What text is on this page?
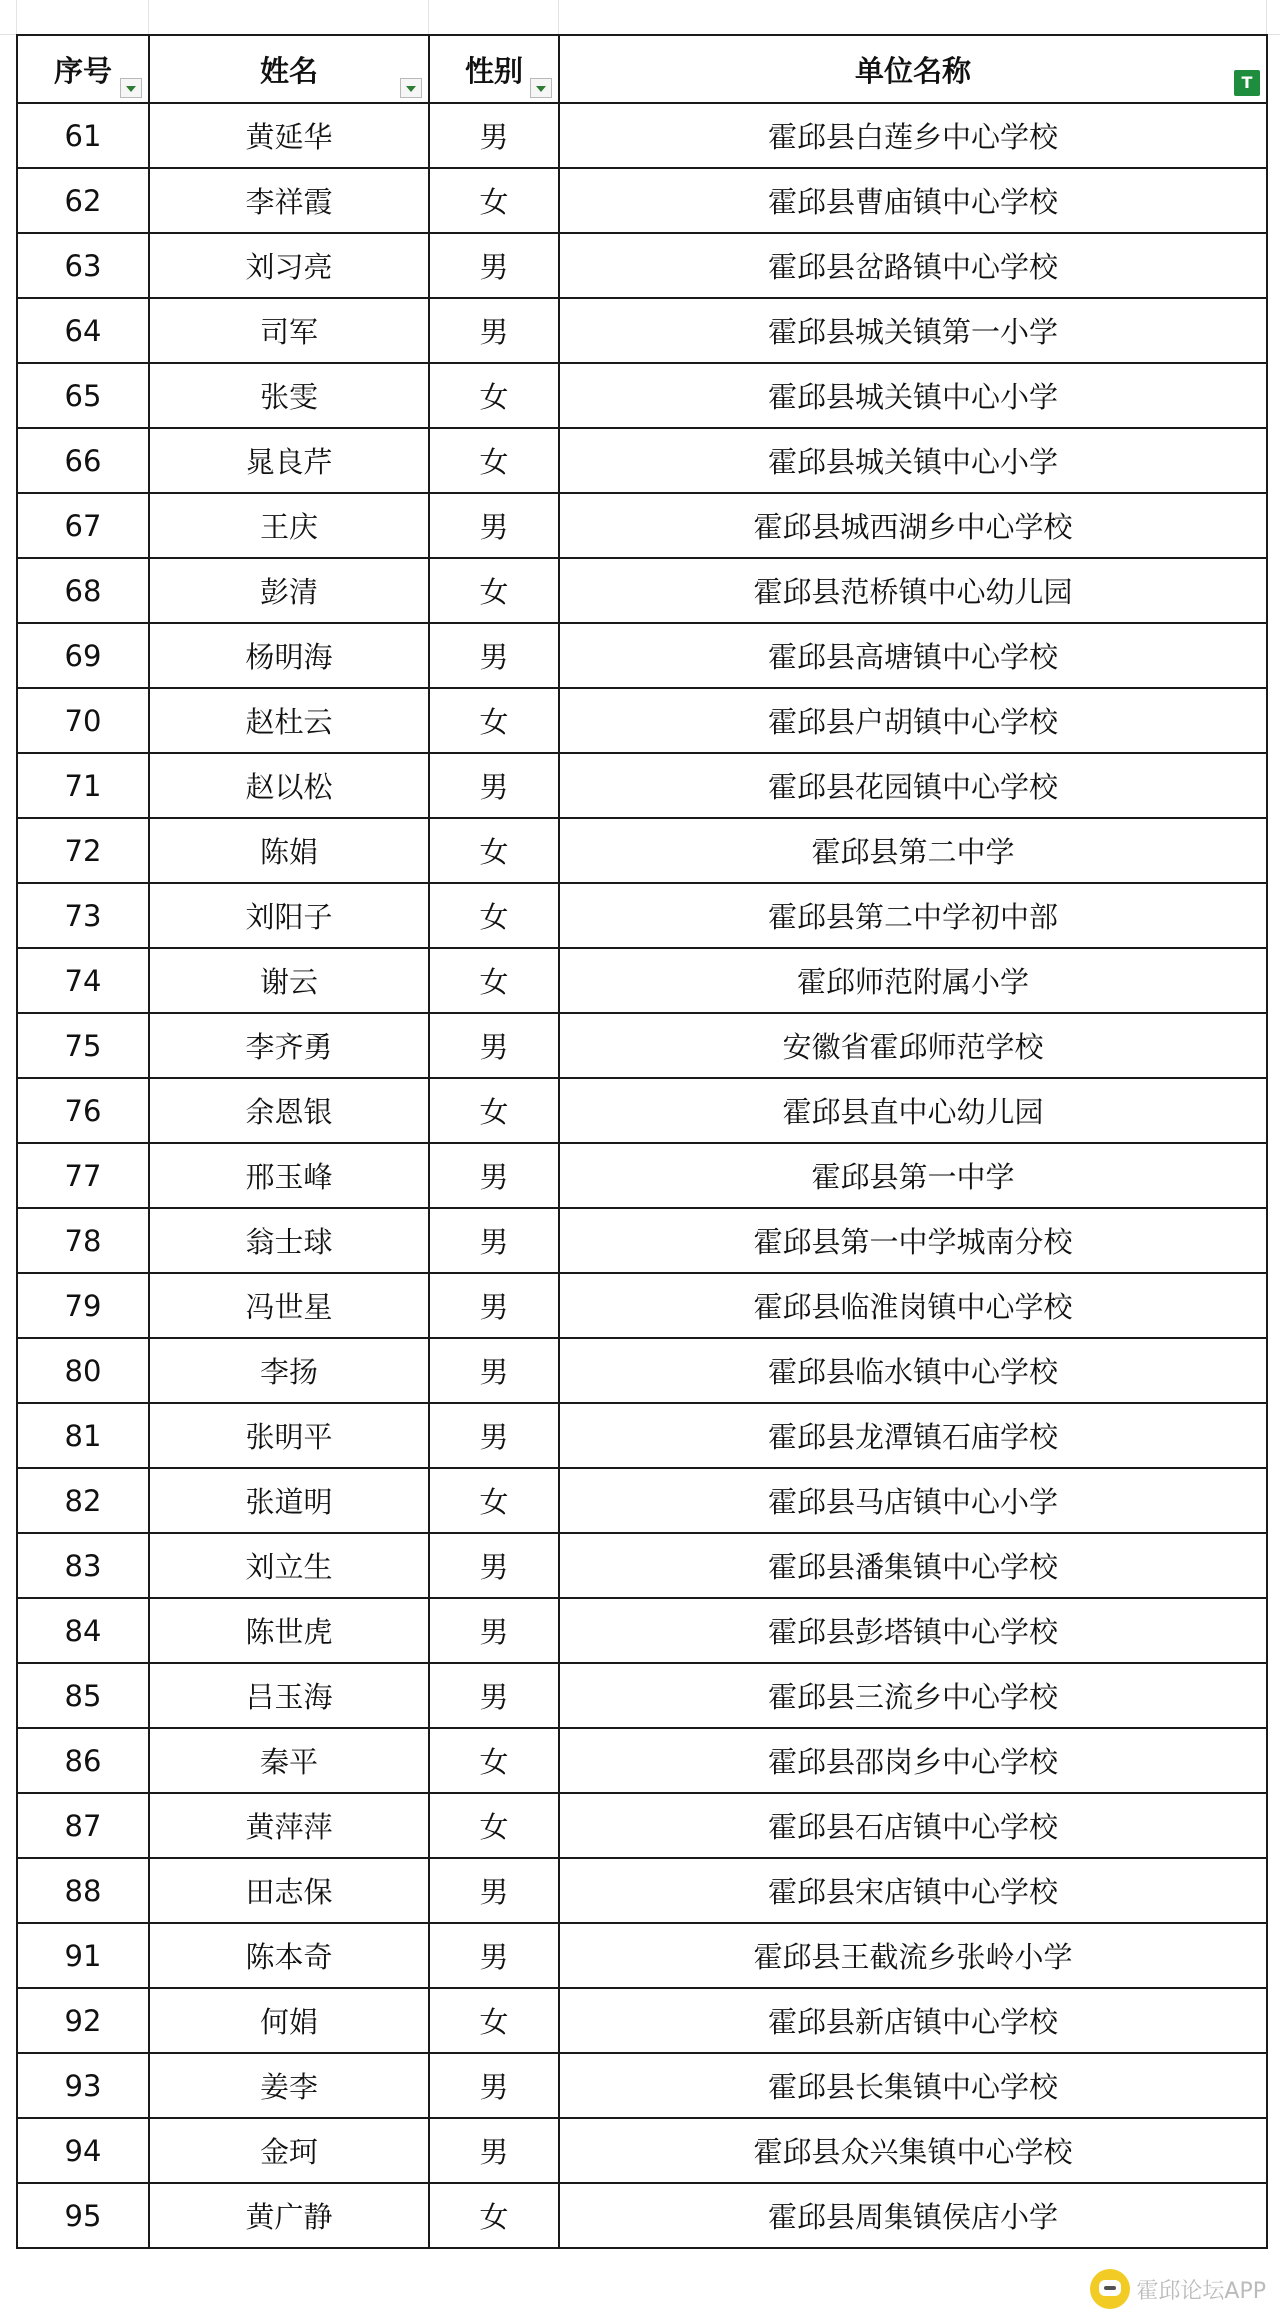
序号	姓名	性别	单位名称 T

61	黄延华	男	霍邱县白莲乡中心学校
62	李祥霞	女	霍邱县曹庙镇中心学校
63	刘习亮	男	霍邱县岔路镇中心学校
64	司军	男	霍邱县城关镇第一小学
65	张雯	女	霍邱县城关镇中心小学
66	晁良芹	女	霍邱县城关镇中心小学
67	王庆	男	霍邱县城西湖乡中心学校
68	彭清	女	霍邱县范桥镇中心幼儿园
69	杨明海	男	霍邱县高塘镇中心学校
70	赵杜云	女	霍邱县户胡镇中心学校
71	赵以松	男	霍邱县花园镇中心学校
72	陈娟	女	霍邱县第二中学
73	刘阳子	女	霍邱县第二中学初中部
74	谢云	女	霍邱师范附属小学
75	李齐勇	男	安徽省霍邱师范学校
76	余恩银	女	霍邱县直中心幼儿园
77	邢玉峰	男	霍邱县第一中学
78	翁士球	男	霍邱县第一中学城南分校
79	冯世星	男	霍邱县临淮岗镇中心学校
80	李扬	男	霍邱县临水镇中心学校
81	张明平	男	霍邱县龙潭镇石庙学校
82	张道明	女	霍邱县马店镇中心小学
83	刘立生	男	霍邱县潘集镇中心学校
84	陈世虎	男	霍邱县彭塔镇中心学校
85	吕玉海	男	霍邱县三流乡中心学校
86	秦平	女	霍邱县邵岗乡中心学校
87	黄萍萍	女	霍邱县石店镇中心学校
88	田志保	男	霍邱县宋店镇中心学校
91	陈本奇	男	霍邱县王截流乡张岭小学
92	何娟	女	霍邱县新店镇中心学校
93	姜李	男	霍邱县长集镇中心学校
94	金珂	男	霍邱县众兴集镇中心学校
95	黄广静	女	霍邱县周集镇侯店小学
霍邱论坛APP
